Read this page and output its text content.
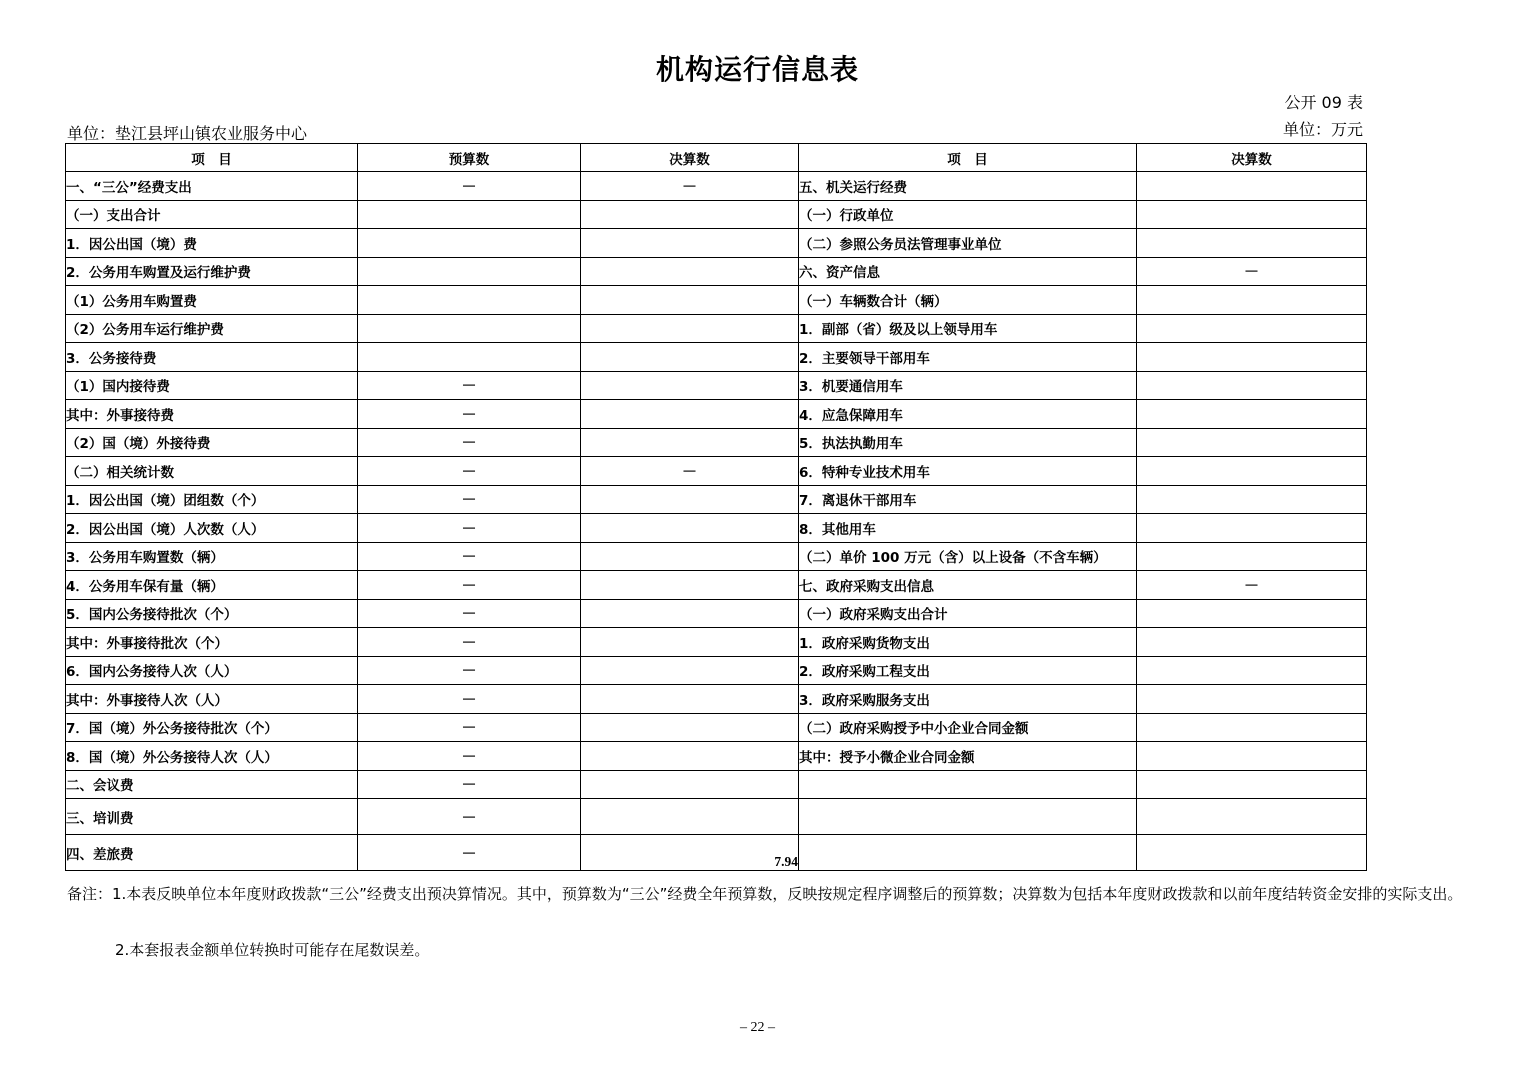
机构运行信息表
公开 09 表
单位：万元
单位：垫江县坪山镇农业服务中心
项　目	预算数	决算数	项　目	决算数
一、“三公”经费支出	—	—	五、机关运行经费	
（一）支出合计			（一）行政单位	
1．因公出国（境）费			（二）参照公务员法管理事业单位	
2．公务用车购置及运行维护费			六、资产信息	—
（1）公务用车购置费			（一）车辆数合计（辆）	
（2）公务用车运行维护费			1．副部（省）级及以上领导用车	
3．公务接待费			2．主要领导干部用车	
（1）国内接待费	—		3．机要通信用车	
其中：外事接待费	—		4．应急保障用车	
（2）国（境）外接待费	—		5．执法执勤用车	
（二）相关统计数	—	—	6．特种专业技术用车	
1．因公出国（境）团组数（个）	—		7．离退休干部用车	
2．因公出国（境）人次数（人）	—		8．其他用车	
3．公务用车购置数（辆）	—		（二）单价 100 万元（含）以上设备（不含车辆）	
4．公务用车保有量（辆）	—		七、政府采购支出信息	—
5．国内公务接待批次（个）	—		（一）政府采购支出合计	
其中：外事接待批次（个）	—		1．政府采购货物支出	
6．国内公务接待人次（人）	—		2．政府采购工程支出	
其中：外事接待人次（人）	—		3．政府采购服务支出	
7．国（境）外公务接待批次（个）	—		（二）政府采购授予中小企业合同金额	
8．国（境）外公务接待人次（人）	—		其中：授予小微企业合同金额	
二、会议费	—			
三、培训费	—			
四、差旅费	—	7.94		
备注：1.本表反映单位本年度财政拨款“三公”经费支出预决算情况。其中，预算数为“三公”经费全年预算数，反映按规定程序调整后的预算数；决算数为包括本年度财政拨款和以前年度结转资金安排的实际支出。
2.本套报表金额单位转换时可能存在尾数误差。
– 22 –
